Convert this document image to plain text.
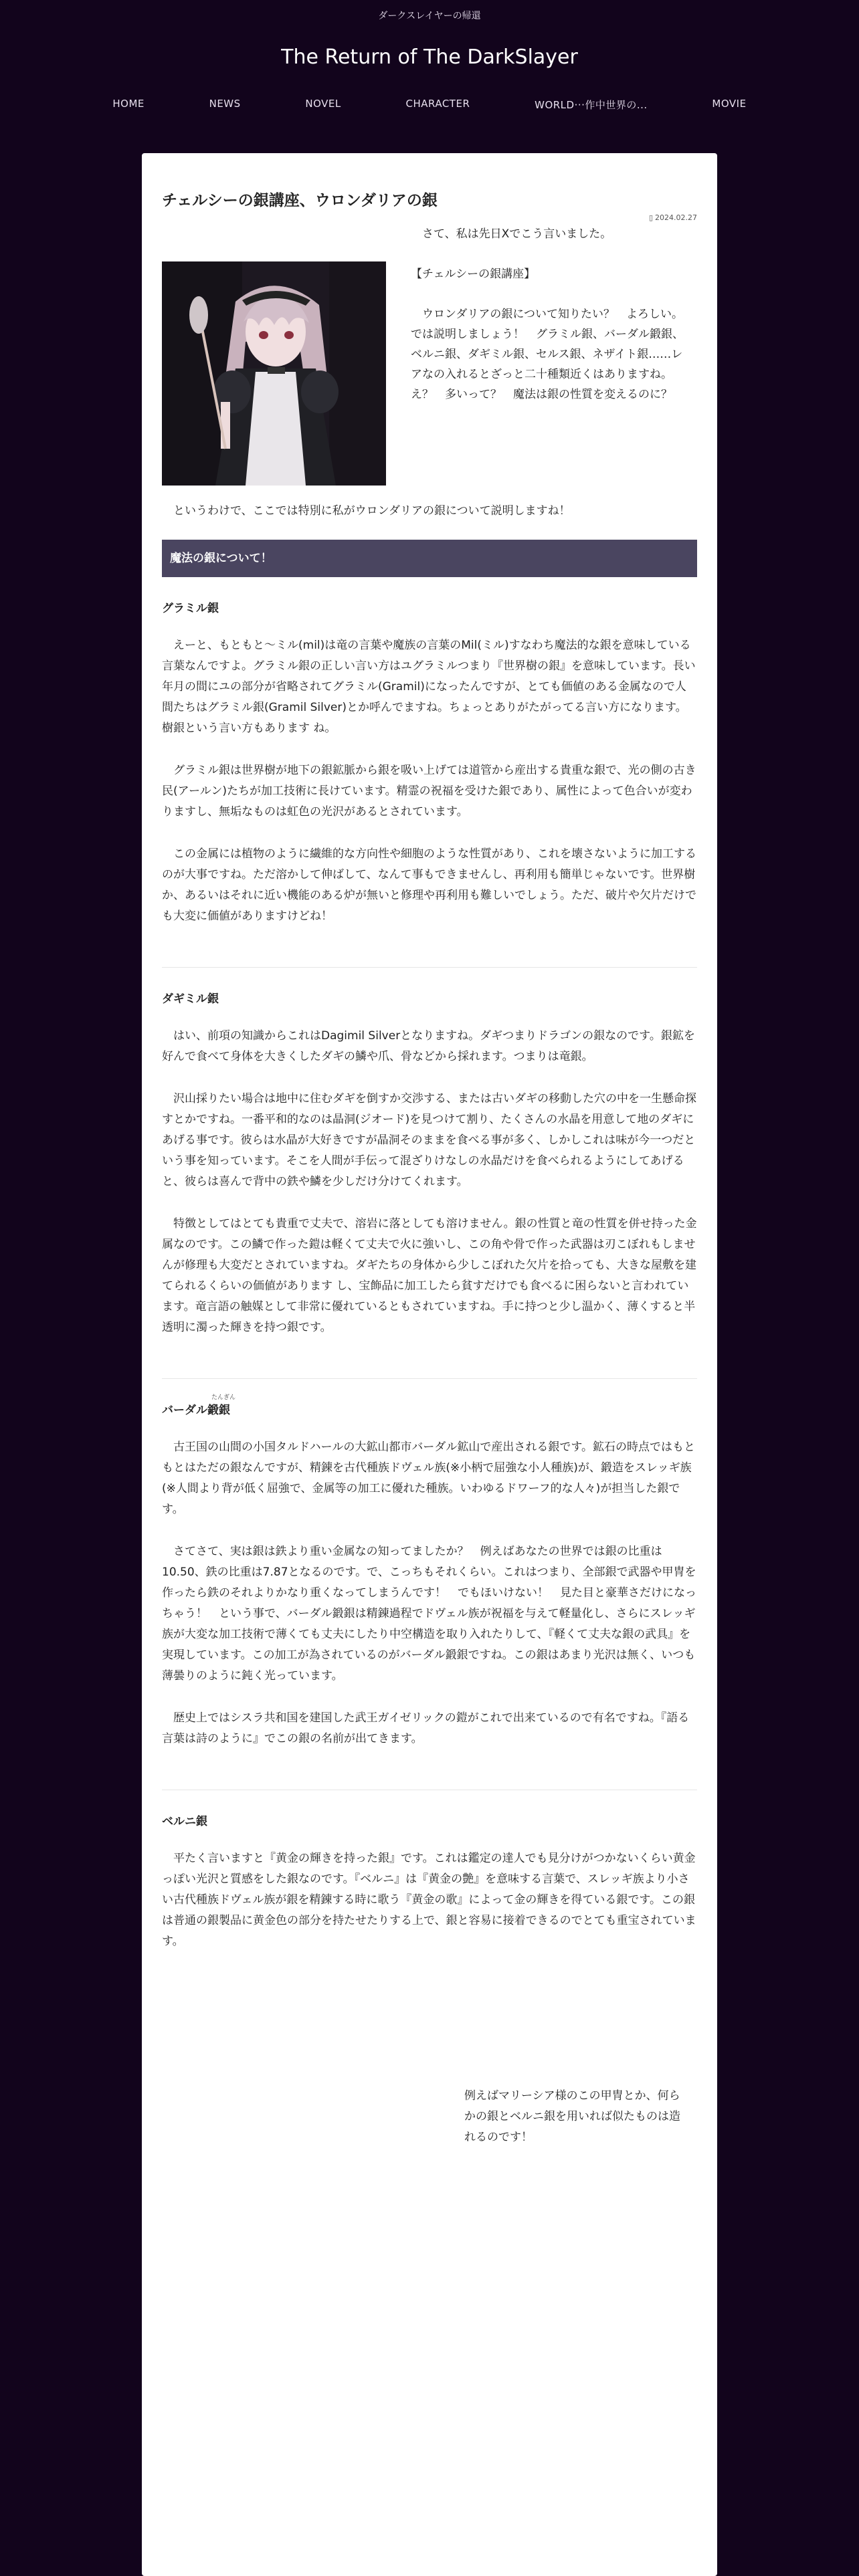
ダークスレイヤーの帰還
The Return of The DarkSlayer
HOME	NEWS	NOVEL	CHARACTER	WORLD···作中世界の...	MOVIE
チェルシーの銀講座、ウロンダリアの銀
▯ 2024.02.27

　さて、私は先日Xでこう言いました。

【チェルシーの銀講座】

　ウロンダリアの銀について知りたい？　よろしい。では説明しましょう！　グラミル銀、バーダル鍛銀、ベルニ銀、ダギミル銀、セルス銀、ネザイト銀……レアなの入れるとざっと二十種類近くはありますね。　え？　多いって？　魔法は銀の性質を変えるのに？

　というわけで、ここでは特別に私がウロンダリアの銀について説明しますね！

魔法の銀について！
グラミル銀

　えーと、もともと～ミル(mil)は竜の言葉や魔族の言葉のMil(ミル)すなわち魔法的な銀を意味している言葉なんですよ。グラミル銀の正しい言い方はユグラミルつまり『世界樹の銀』を意味しています。長い年月の間にユの部分が省略されてグラミル(Gramil)になったんですが、とても価値のある金属なので人間たちはグラミル銀(Gramil Silver)とか呼んでますね。ちょっとありがたがってる言い方になります。樹銀という言い方もあります ね。

　グラミル銀は世界樹が地下の銀鉱脈から銀を吸い上げては道管から産出する貴重な銀で、光の側の古き民(アールン)たちが加工技術に長けています。精霊の祝福を受けた銀であり、属性によって色合いが変わりますし、無垢なものは虹色の光沢があるとされています。

　この金属には植物のように繊維的な方向性や細胞のような性質があり、これを壊さないように加工するのが大事ですね。ただ溶かして伸ばして、なんて事もできませんし、再利用も簡単じゃないです。世界樹か、あるいはそれに近い機能のある炉が無いと修理や再利用も難しいでしょう。ただ、破片や欠片だけでも大変に価値がありますけどね！

ダギミル銀

　はい、前項の知識からこれはDagimil Silverとなりますね。ダギつまりドラゴンの銀なのです。銀鉱を好んで食べて身体を大きくしたダギの鱗や爪、骨などから採れます。つまりは竜銀。

　沢山採りたい場合は地中に住むダギを倒すか交渉する、または古いダギの移動した穴の中を一生懸命探すとかですね。一番平和的なのは晶洞(ジオード)を見つけて割り、たくさんの水晶を用意して地のダギにあげる事です。彼らは水晶が大好きですが晶洞そのままを食べる事が多く、しかしこれは味が今一つだという事を知っています。そこを人間が手伝って混ざりけなしの水晶だけを食べられるようにしてあげると、彼らは喜んで背中の鉄や鱗を少しだけ分けてくれます。

　特徴としてはとても貴重で丈夫で、溶岩に落としても溶けません。銀の性質と竜の性質を併せ持った金属なのです。この鱗で作った鎧は軽くて丈夫で火に強いし、この角や骨で作った武器は刃こぼれもしませんが修理も大変だとされていますね。ダギたちの身体から少しこぼれた欠片を拾っても、大きな屋敷を建てられるくらいの価値があります し、宝飾品に加工したら貧すだけでも食べるに困らないと言われています。竜言語の触媒として非常に優れているともされていますね。手に持つと少し温かく、薄くすると半透明に濁った輝きを持つ銀です。

バーダル鍛銀
たんぎん

　古王国の山間の小国タルドハールの大鉱山都市バーダル鉱山で産出される銀です。鉱石の時点ではもともとはただの銀なんですが、精錬を古代種族ドヴェル族(※小柄で屈強な小人種族)が、鍛造をスレッギ族(※人間より背が低く屈強で、金属等の加工に優れた種族。いわゆるドワーフ的な人々)が担当した銀です。

　さてさて、実は銀は鉄より重い金属なの知ってましたか？　例えばあなたの世界では銀の比重は10.50、鉄の比重は7.87となるのです。で、こっちもそれくらい。これはつまり、全部銀で武器や甲冑を作ったら鉄のそれよりかなり重くなってしまうんです！　でもほいけない！　見た目と豪華さだけになっちゃう！　という事で、バーダル鍛銀は精錬過程でドヴェル族が祝福を与えて軽量化し、さらにスレッギ族が大変な加工技術で薄くても丈夫にしたり中空構造を取り入れたりして、『軽くて丈夫な銀の武具』を実現しています。この加工が為されているのがバーダル鍛銀ですね。この銀はあまり光沢は無く、いつも薄曇りのように鈍く光っています。

　歴史上ではシスラ共和国を建国した武王ガイゼリックの鎧がこれで出来ているので有名ですね。『語る言葉は詩のように』でこの銀の名前が出てきます。

ベルニ銀

　平たく言いますと『黄金の輝きを持った銀』です。これは鑑定の達人でも見分けがつかないくらい黄金っぽい光沢と質感をした銀なのです。『ベルニ』は『黄金の艶』を意味する言葉で、スレッギ族より小さい古代種族ドヴェル族が銀を精錬する時に歌う『黄金の歌』によって金の輝きを得ている銀です。この銀は普通の銀製品に黄金色の部分を持たせたりする上で、銀と容易に接着できるのでとても重宝されています。

例えばマリーシア様のこの甲冑とか、何らかの銀とベルニ銀を用いれば似たものは造れるのです！
